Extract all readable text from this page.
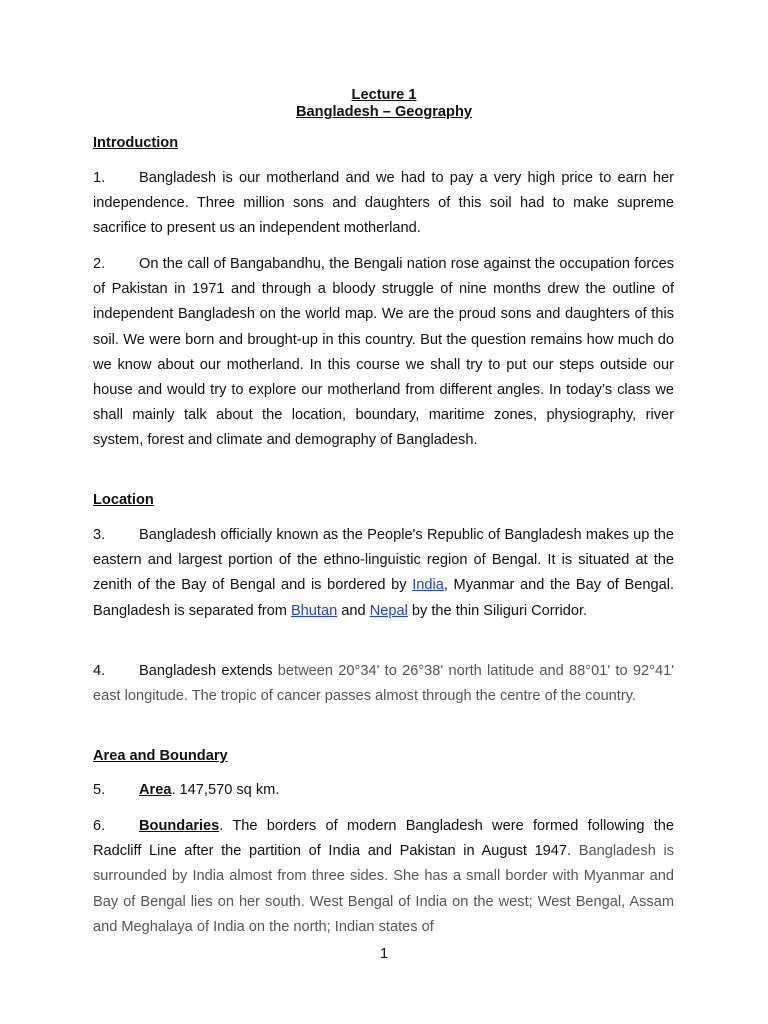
Lecture 1
Bangladesh – Geography
Introduction

1. Bangladesh is our motherland and we had to pay a very high price to earn her independence. Three million sons and daughters of this soil had to make supreme sacrifice to present us an independent motherland.

2. On the call of Bangabandhu, the Bengali nation rose against the occupation forces of Pakistan in 1971 and through a bloody struggle of nine months drew the outline of independent Bangladesh on the world map. We are the proud sons and daughters of this soil. We were born and brought-up in this country. But the question remains how much do we know about our motherland. In this course we shall try to put our steps outside our house and would try to explore our motherland from different angles. In today’s class we shall mainly talk about the location, boundary, maritime zones, physiography, river system, forest and climate and demography of Bangladesh.

Location

3. Bangladesh officially known as the People's Republic of Bangladesh makes up the eastern and largest portion of the ethno-linguistic region of Bengal. It is situated at the zenith of the Bay of Bengal and is bordered by India, Myanmar and the Bay of Bengal. Bangladesh is separated from Bhutan and Nepal by the thin Siliguri Corridor.

4. Bangladesh extends between 20°34' to 26°38' north latitude and 88°01' to 92°41' east longitude. The tropic of cancer passes almost through the centre of the country.

Area and Boundary

5. Area. 147,570 sq km.

6. Boundaries. The borders of modern Bangladesh were formed following the Radcliff Line after the partition of India and Pakistan in August 1947. Bangladesh is surrounded by India almost from three sides. She has a small border with Myanmar and Bay of Bengal lies on her south. West Bengal of India on the west; West Bengal, Assam and Meghalaya of India on the north; Indian states of

1
